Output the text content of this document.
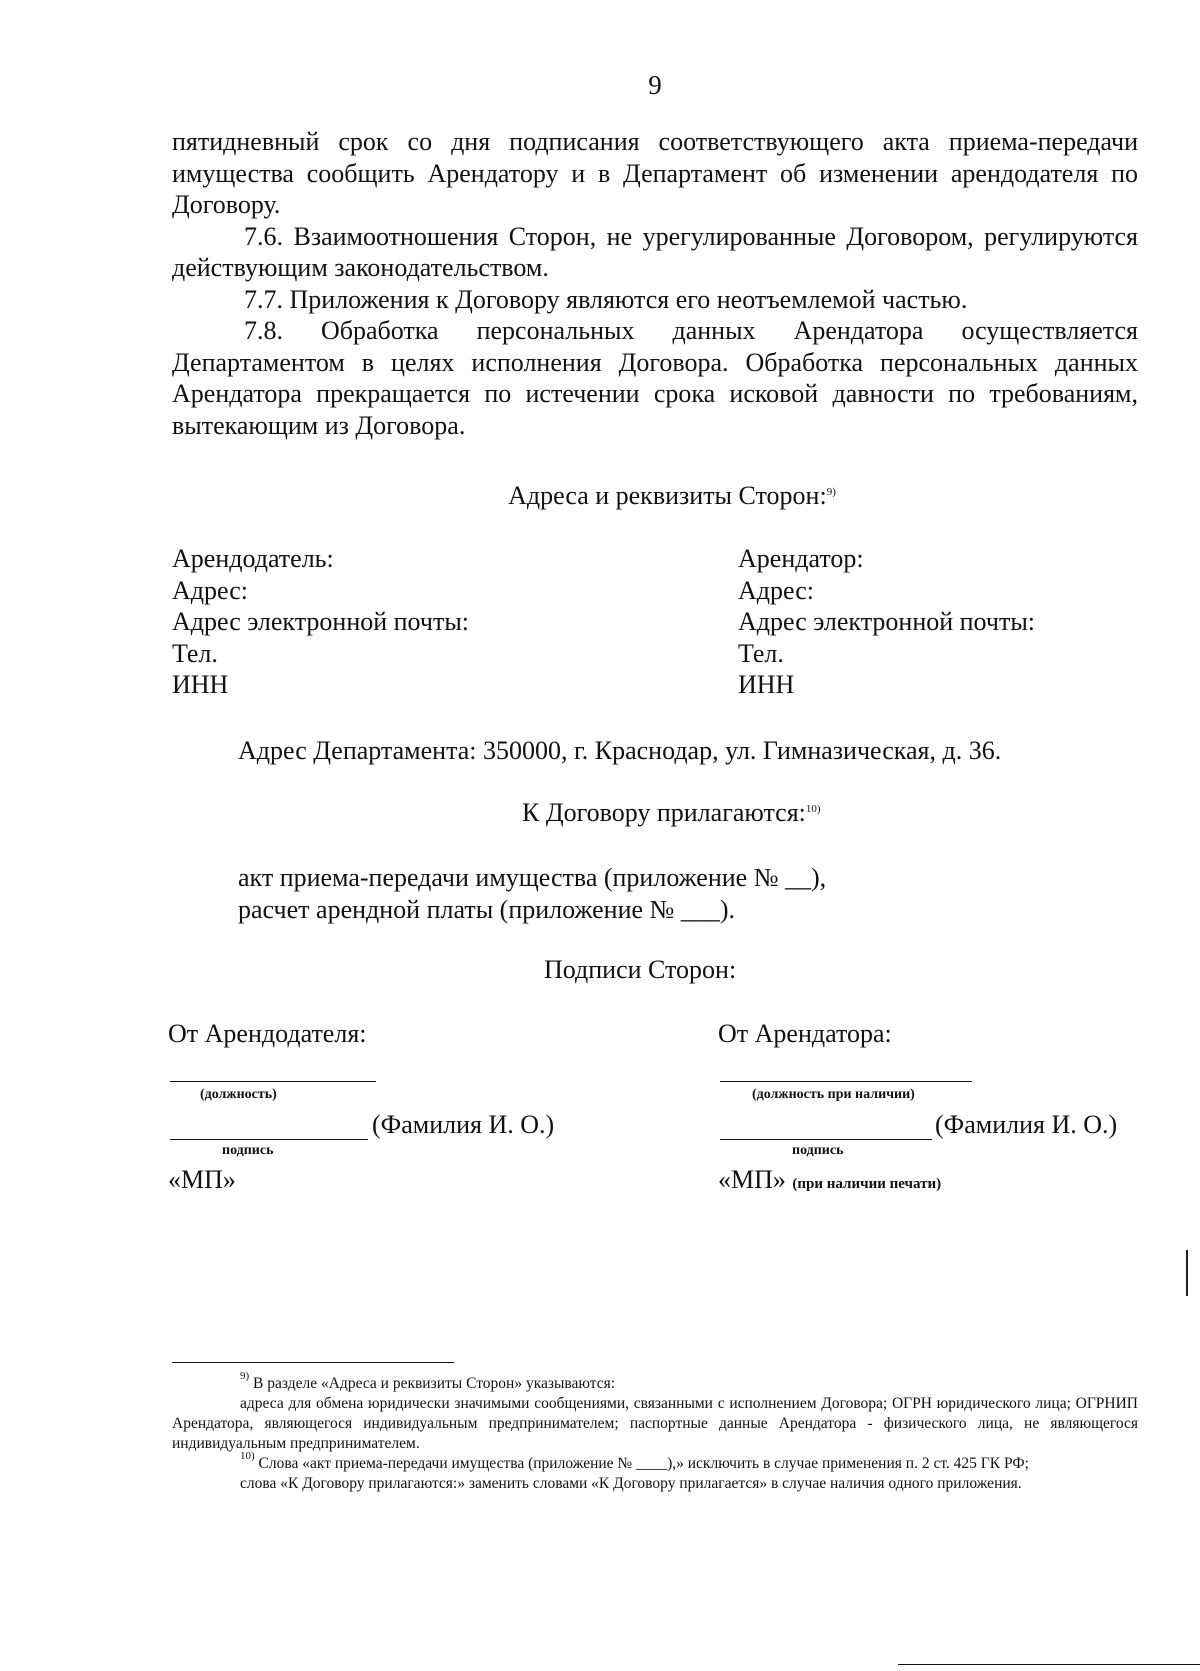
9

пятидневный срок со дня подписания соответствующего акта приема-передачи имущества сообщить Арендатору и в Департамент об изменении арендодателя по Договору.

7.6. Взаимоотношения Сторон, не урегулированные Договором, регулируются действующим законодательством.

7.7. Приложения к Договору являются его неотъемлемой частью.

7.8. Обработка персональных данных Арендатора осуществляется Департаментом в целях исполнения Договора. Обработка персональных данных Арендатора прекращается по истечении срока исковой давности по требованиям, вытекающим из Договора.

Адреса и реквизиты Сторон:$^{9)}$
Арендодатель:
Адрес:
Адрес электронной почты:
Тел.
ИНН
Арендатор:
Адрес:
Адрес электронной почты:
Тел.
ИНН
Адрес Департамента: 350000, г. Краснодар, ул. Гимназическая, д. 36.
К Договору прилагаются:$^{10)}$
акт приема-передачи имущества (приложение № __),
расчет арендной платы (приложение № ___).
Подписи Сторон:
От Арендодателя:
(должность)
(Фамилия И. О.)
подпись
«МП»
От Арендатора:
(должность при наличии)
(Фамилия И. О.)
подпись
«МП» (при наличии печати)

$^{9)}$ В разделе «Адреса и реквизиты Сторон» указываются:

адреса для обмена юридически значимыми сообщениями, связанными с исполнением Договора; ОГРН юридического лица; ОГРНИП Арендатора, являющегося индивидуальным предпринимателем; паспортные данные Арендатора - физического лица, не являющегося индивидуальным предпринимателем.

$^{10)}$ Слова «акт приема-передачи имущества (приложение № ____),» исключить в случае применения п. 2 ст. 425 ГК РФ;

слова «К Договору прилагаются:» заменить словами «К Договору прилагается» в случае наличия одного приложения.
